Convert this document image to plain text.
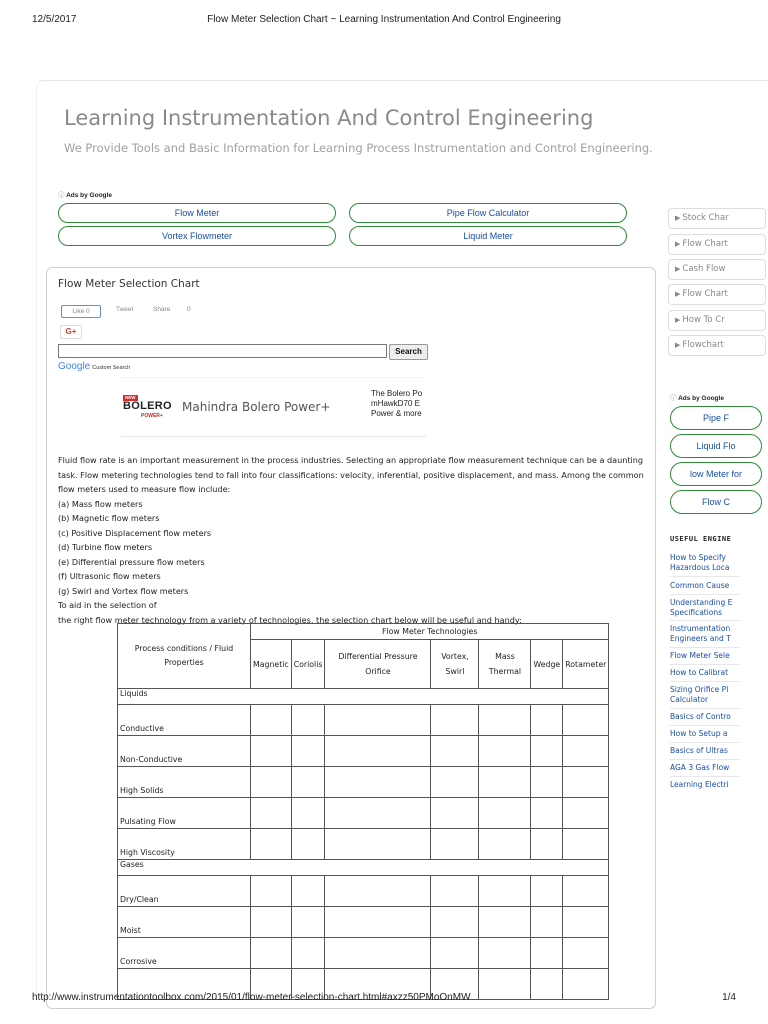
12/5/2017	Flow Meter Selection Chart ~ Learning Instrumentation And Control Engineering
Learning Instrumentation And Control Engineering
We Provide Tools and Basic Information for Learning Process Instrumentation and Control Engineering.
ⓘ Ads by Google
Flow Meter	Pipe Flow Calculator
Vortex Flowmeter	Liquid Meter
▶ Stock Char
▶ Flow Chart
▶ Cash Flow
▶ Flow Chart
▶ How To Cr
▶ Flowchart
Flow Meter Selection Chart
Like 0	Tweet	Share	0
G+
Search
Google Custom Search
NEW
BOLERO
POWER+
Mahindra Bolero Power+
The Bolero Po
mHawkD70 E
Power & more

Fluid flow rate is an important measurement in the process industries. Selecting an appropriate flow measurement technique can be a daunting task. Flow metering technologies tend to fall into four classifications: velocity, inferential, positive displacement, and mass. Among the common flow meters used to measure flow include:

(a) Mass flow meters
(b) Magnetic flow meters
(c) Positive Displacement flow meters
(d) Turbine flow meters
(e) Differential pressure flow meters
(f) Ultrasonic flow meters
(g) Swirl and Vortex flow meters

To aid in the selection of

the right flow meter technology from a variety of technologies, the selection chart below will be useful and handy:

Process conditions / Fluid Properties	Flow Meter Technologies						
	Magnetic	Coriolis	Differential Pressure Orifice	Vortex, Swirl	Mass Thermal	Wedge	Rotameter
Liquids							
Conductive							
Non-Conductive							
High Solids							
Pulsating Flow							
High Viscosity							
Gases							
Dry/Clean							
Moist							
Corrosive							

ⓘ Ads by Google
Pipe F
Liquid Flo
low Meter for
Flow C
USEFUL ENGINE
How to Specify
Hazardous Loca
Common Cause
Understanding E
Specifications
Instrumentation
Engineers and T
Flow Meter Sele
How to Calibrat
Sizing Orifice Pl
Calculator
Basics of Contro
How to Setup a
Basics of Ultras
AGA 3 Gas Flow
Learning Electri
http://www.instrumentationtoolbox.com/2015/01/flow-meter-selection-chart.html#axzz50PMoOnMW	1/4
